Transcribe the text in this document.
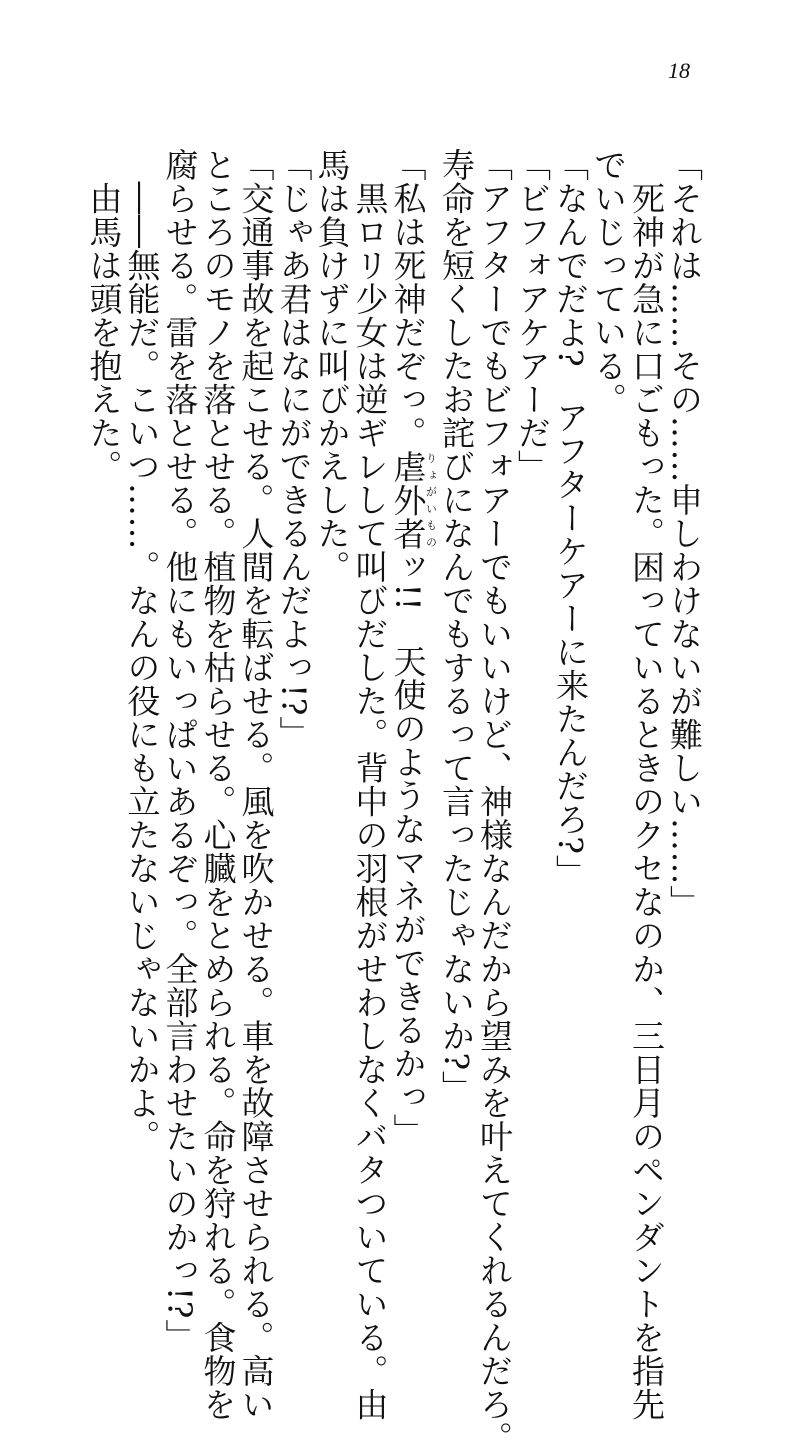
18
「それは……その……申しわけないが難しい……」
　死神が急に口ごもった。困っているときのクセなのか、三日月のペンダントを指先
でいじっている。
「なんでだよ?　アフターケアーに来たんだろ?」
「ビフォアケアーだ」
「アフターでもビフォアーでもいいけど、神様なんだから望みを叶えてくれるんだろ。
寿命を短くしたお詫びになんでもするって言ったじゃないか?」
「私は死神だぞっ。虐外者りょがいものッ!!　天使のようなマネができるかっ」
　黒ロリ少女は逆ギレして叫びだした。背中の羽根がせわしなくバタついている。由
馬は負けずに叫びかえした。
「じゃあ君はなにができるんだよっ!?」
「交通事故を起こせる。人間を転ばせる。風を吹かせる。車を故障させられる。高い
ところのモノを落とせる。植物を枯らせる。心臓をとめられる。命を狩れる。食物を
腐らせる。雷を落とせる。他にもいっぱいあるぞっ。全部言わせたいのかっ!?」
　――無能だ。こいつ……。なんの役にも立たないじゃないかよ。
　由馬は頭を抱えた。
